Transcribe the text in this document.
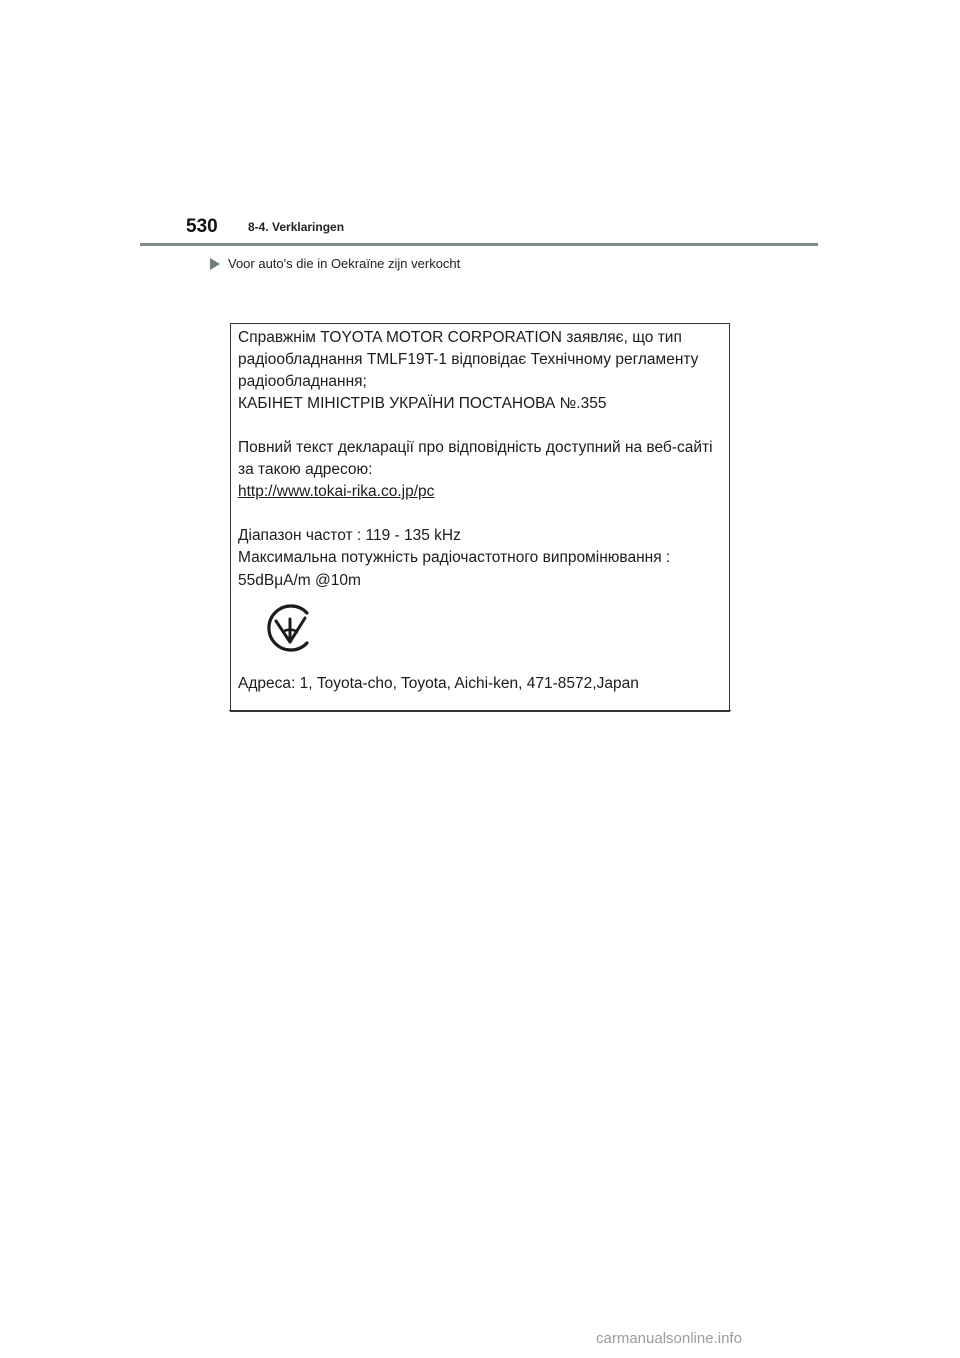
530	8-4. Verklaringen
Voor auto's die in Oekraïne zijn verkocht
Справжнім TOYOTA MOTOR CORPORATION заявляє, що тип
радіообладнання TMLF19T-1 відповідає Технічному регламенту
радіообладнання;
КАБІНЕТ МІНІСТРІВ УКРАЇНИ ПОСТАНОВА №.355
Повний текст декларації про відповідність доступний на веб-сайті
за такою адресою:
http://www.tokai-rika.co.jp/pc
Діапазон частот : 119 - 135 kHz
Максимальна потужність радіочастотного випромінювання :
55dBμA/m @10m
Адреса: 1, Toyota-cho, Toyota, Aichi-ken, 471-8572,Japan
carmanualsonline.info
